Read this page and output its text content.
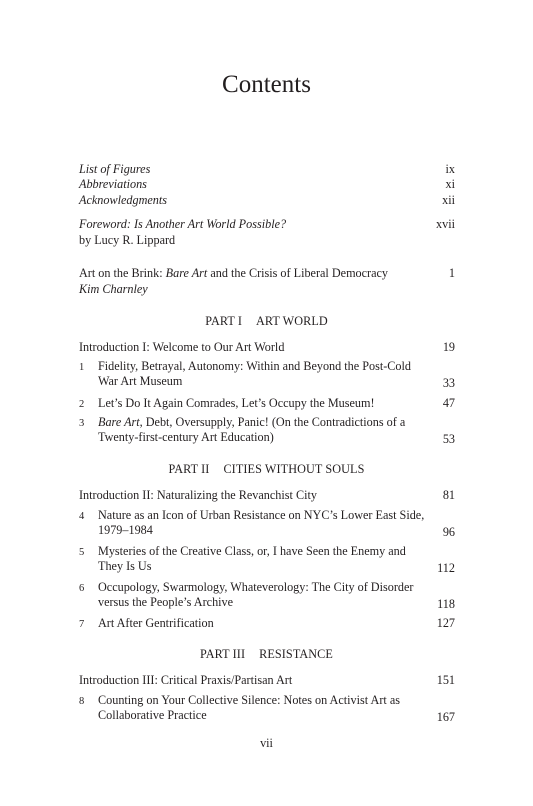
Contents
List of Figures	ix
Abbreviations	xi
Acknowledgments	xii
Foreword: Is Another Art World Possible?	xvii
by Lucy R. Lippard
Art on the Brink: Bare Art and the Crisis of Liberal Democracy	1
Kim Charnley
PART I ART WORLD
Introduction I: Welcome to Our Art World	19
1 Fidelity, Betrayal, Autonomy: Within and Beyond the Post-Cold
War Art Museum	33
2 Let’s Do It Again Comrades, Let’s Occupy the Museum!	47
3 Bare Art, Debt, Oversupply, Panic! (On the Contradictions of a
Twenty-first-century Art Education)	53
PART II CITIES WITHOUT SOULS
Introduction II: Naturalizing the Revanchist City	81
4 Nature as an Icon of Urban Resistance on NYC’s Lower East Side,
1979–1984	96
5 Mysteries of the Creative Class, or, I have Seen the Enemy and
They Is Us	112
6 Occupology, Swarmology, Whateverology: The City of Disorder
versus the People’s Archive	118
7 Art After Gentrification	127
PART III RESISTANCE
Introduction III: Critical Praxis/Partisan Art	151
8 Counting on Your Collective Silence: Notes on Activist Art as
Collaborative Practice	167
vii
